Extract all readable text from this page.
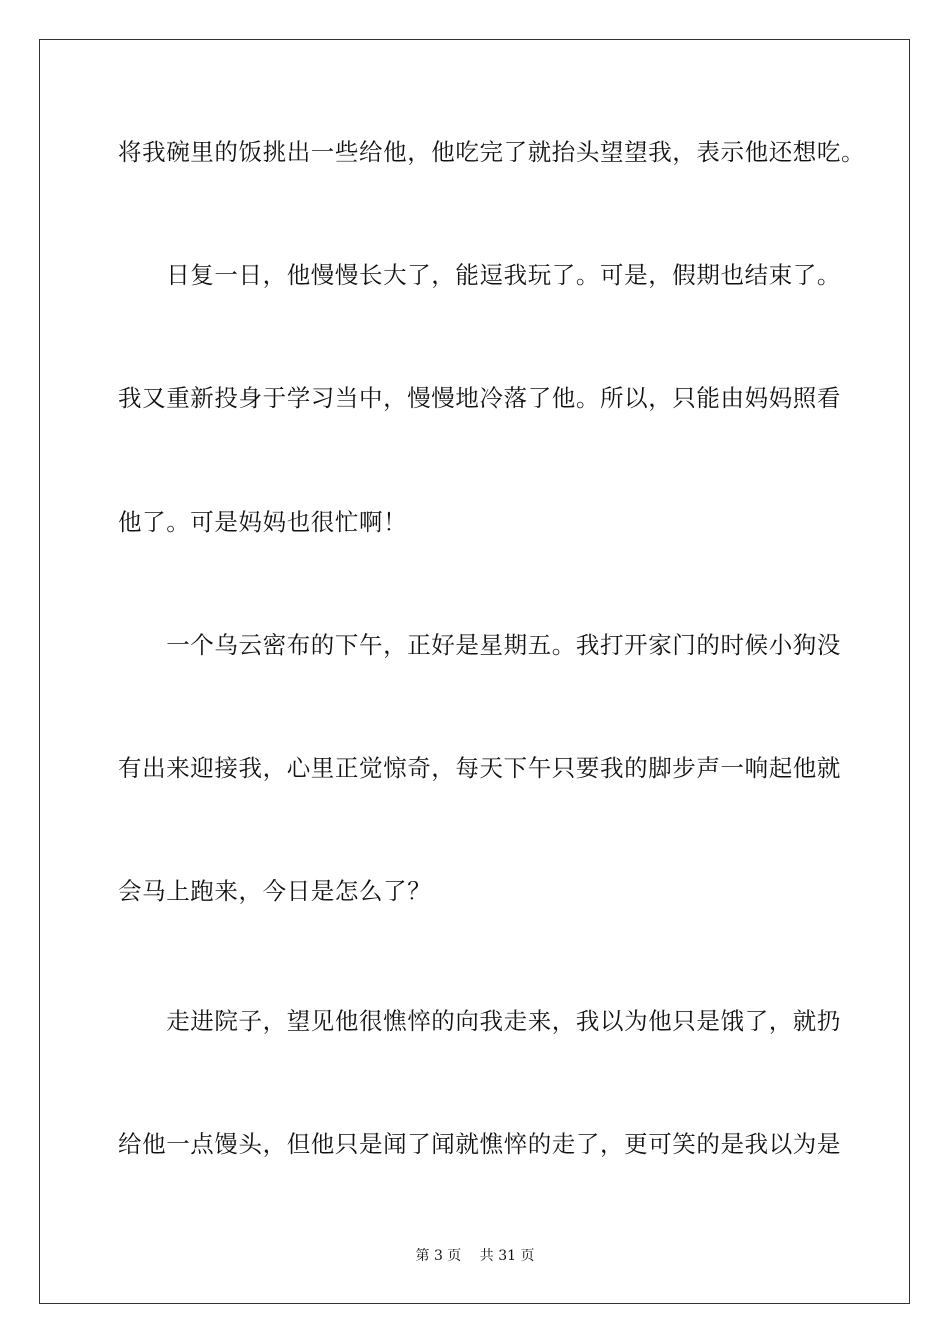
将我碗里的饭挑出一些给他，他吃完了就抬头望望我，表示他还想吃。
　　日复一日，他慢慢长大了，能逗我玩了。可是，假期也结束了。
我又重新投身于学习当中，慢慢地冷落了他。所以，只能由妈妈照看
他了。可是妈妈也很忙啊！
　　一个乌云密布的下午，正好是星期五。我打开家门的时候小狗没
有出来迎接我，心里正觉惊奇，每天下午只要我的脚步声一响起他就
会马上跑来，今日是怎么了？
　　走进院子，望见他很憔悴的向我走来，我以为他只是饿了，就扔
给他一点馒头，但他只是闻了闻就憔悴的走了，更可笑的是我以为是
第 3 页　 共 31 页
